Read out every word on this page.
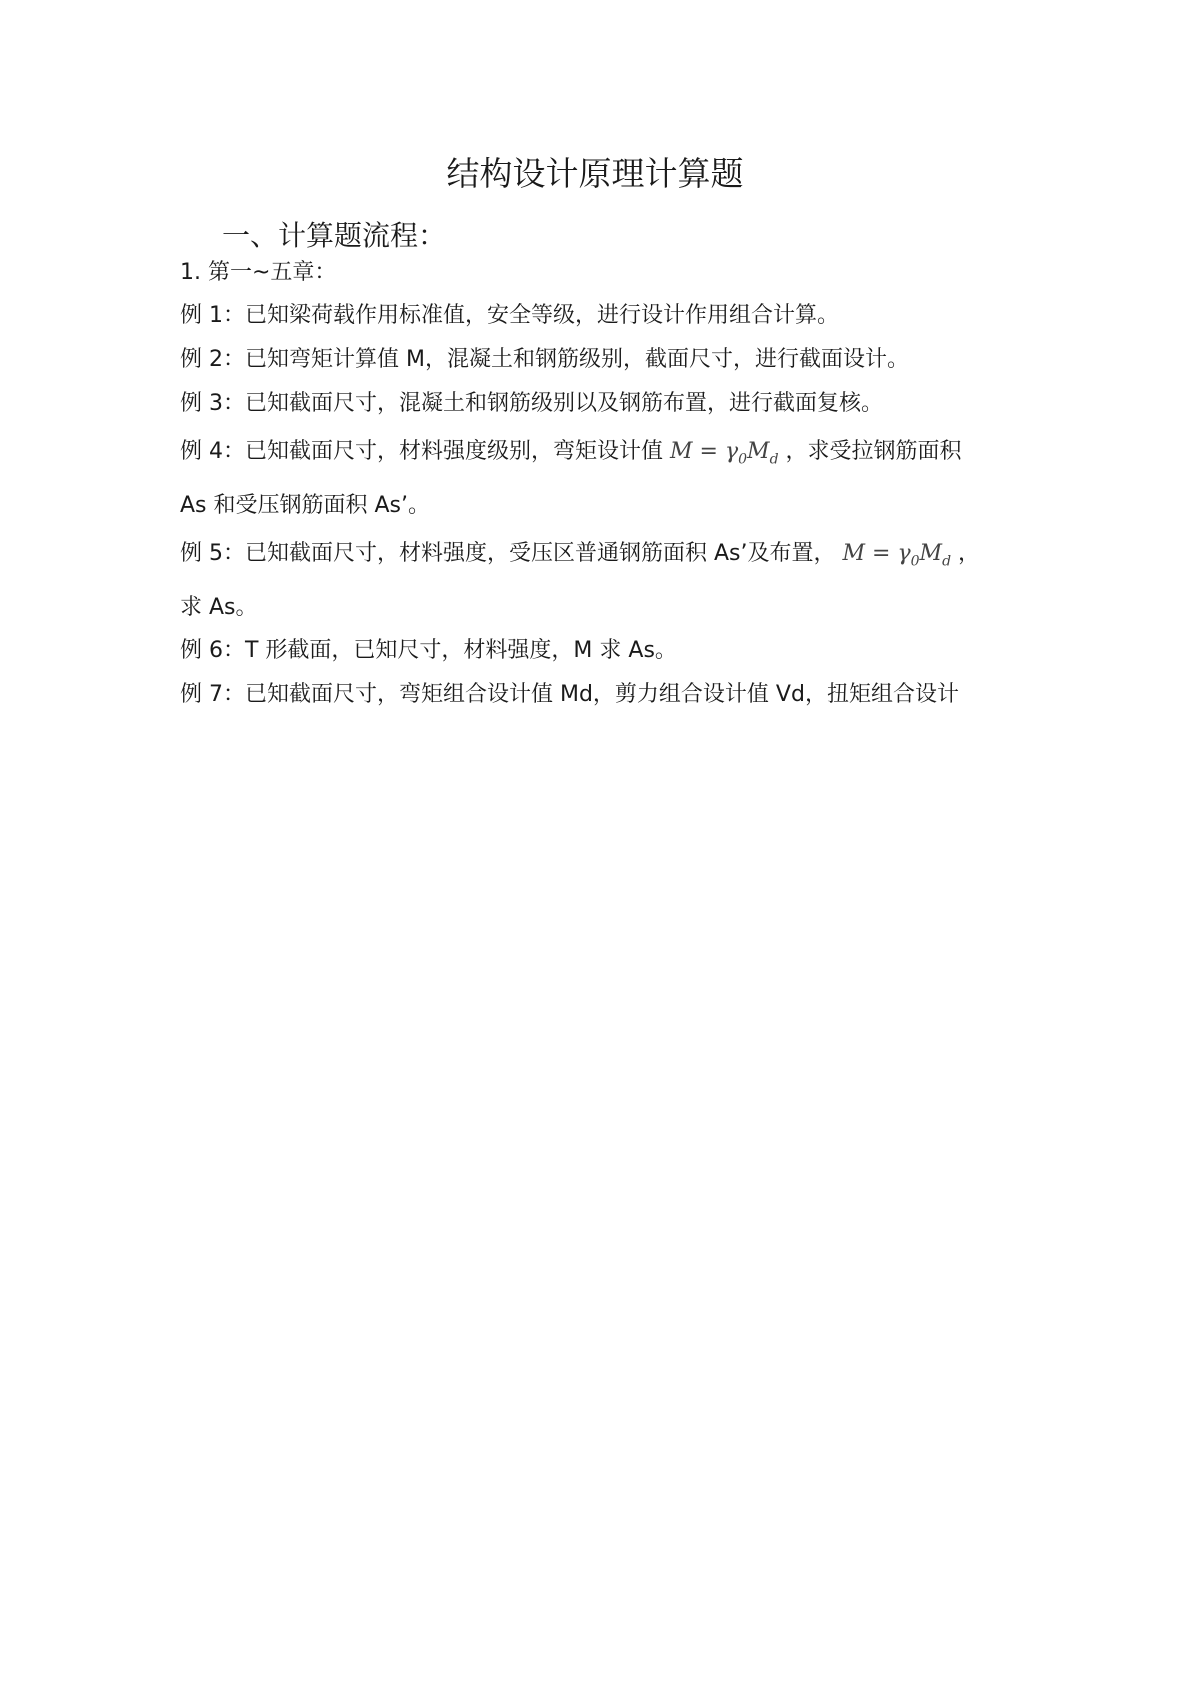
结构设计原理计算题
一、计算题流程：
1. 第一~五章：
例 1：已知梁荷载作用标准值，安全等级，进行设计作用组合计算。
例 2：已知弯矩计算值 M，混凝土和钢筋级别，截面尺寸，进行截面设计。
例 3：已知截面尺寸，混凝土和钢筋级别以及钢筋布置，进行截面复核。
例 4：已知截面尺寸，材料强度级别，弯矩设计值 $M = \gamma_0M_d$ ，求受拉钢筋面积
As 和受压钢筋面积 As’。
例 5：已知截面尺寸，材料强度，受压区普通钢筋面积 As’及布置， $M = \gamma_0M_d$ ，
求 As。
例 6：T 形截面，已知尺寸，材料强度，M 求 As。
例 7：已知截面尺寸，弯矩组合设计值 Md，剪力组合设计值 Vd，扭矩组合设计
